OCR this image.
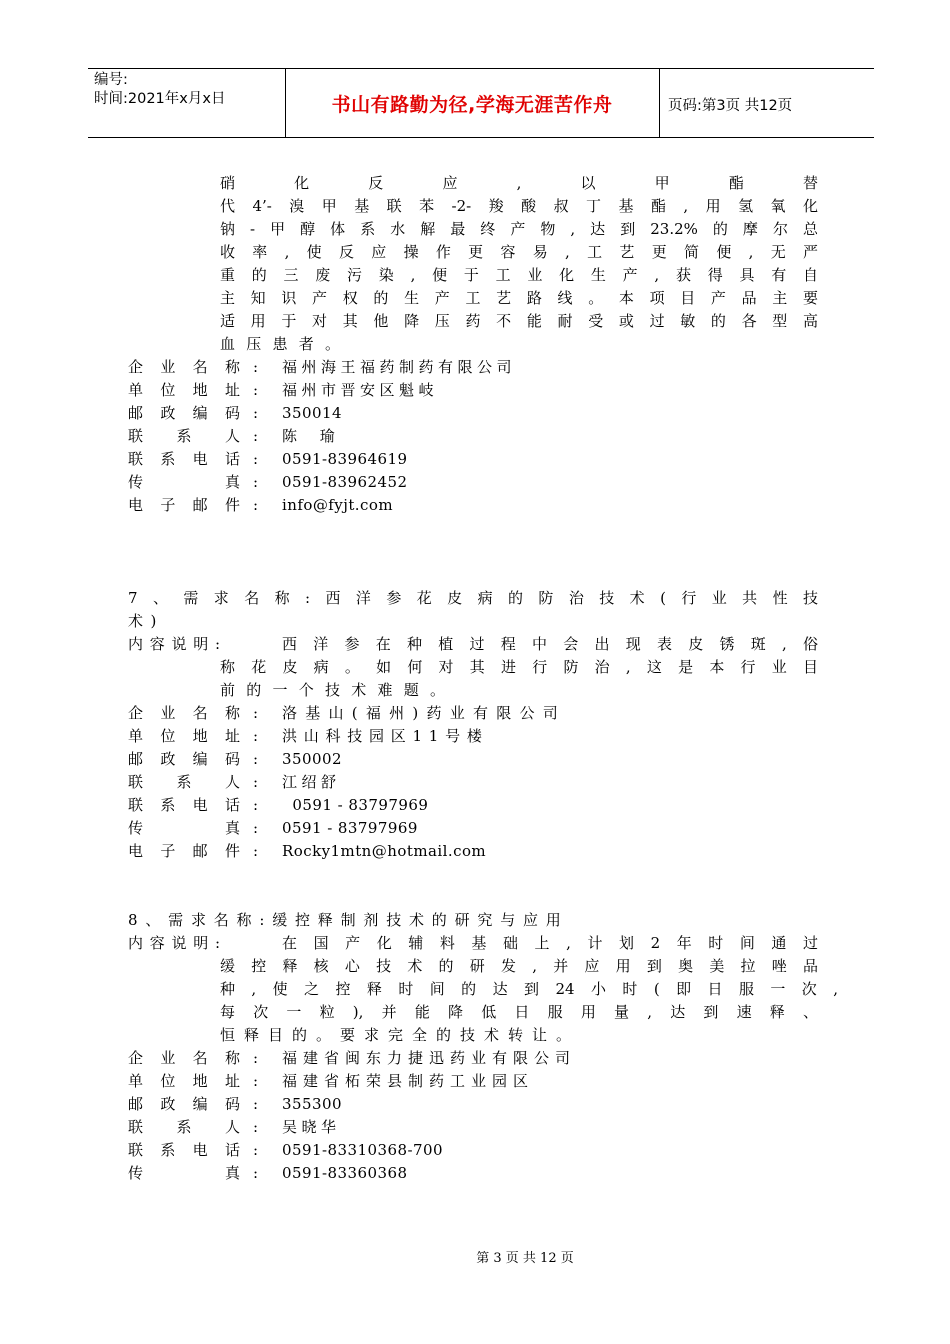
编号:
时间:2021年x月x日	书山有路勤为径,学海无涯苦作舟	页码:第3页 共12页
硝化反应,以甲酯替
代4’-溴甲基联苯-2-羧酸叔丁基酯,用氢氧化
钠-甲醇体系水解最终产物,达到23.2%的摩尔总
收率,使反应操作更容易,工艺更简便,无严
重的三废污染,便于工业化生产,获得具有自
主知识产权的生产工艺路线。本项目产品主要
适用于对其他降压药不能耐受或过敏的各型高
血压患者。
企业名称 : 福州海王福药制药有限公司
单位地址 : 福州市晋安区魁岐
邮政编码 : 350014
联系人 : 陈 瑜
联系电话 : 0591-83964619
传真 : 0591-83962452
电子邮件 : info@fyjt.com
7、需求名称:西洋参花皮病的防治技术(行业共性技
术)
内容说明:	西洋参在种植过程中会出现表皮锈斑,俗
称花皮病。如何对其进行防治,这是本行业目
前的一个技术难题。
企业名称 : 洛基山(福州)药业有限公司
单位地址 : 洪山科技园区11号楼
邮政编码 : 350002
联系人 : 江绍舒
联系电话 : 0591 - 83797969
传真 : 0591 - 83797969
电子邮件 : Rocky1mtn@hotmail.com
8、需求名称:缓控释制剂技术的研究与应用
内容说明:	在国产化辅料基础上,计划2年时间通过
缓控释核心技术的研发,并应用到奥美拉唑品
种,使之控释时间的达到24小时(即日服一次,
每次一粒),并能降低日服用量,达到速释、
恒释目的。要求完全的技术转让。
企业名称 : 福建省闽东力捷迅药业有限公司
单位地址 : 福建省柘荣县制药工业园区
邮政编码 : 355300
联系人 : 吴晓华
联系电话 : 0591-83310368-700
传真 : 0591-83360368
第 3 页 共 12 页
